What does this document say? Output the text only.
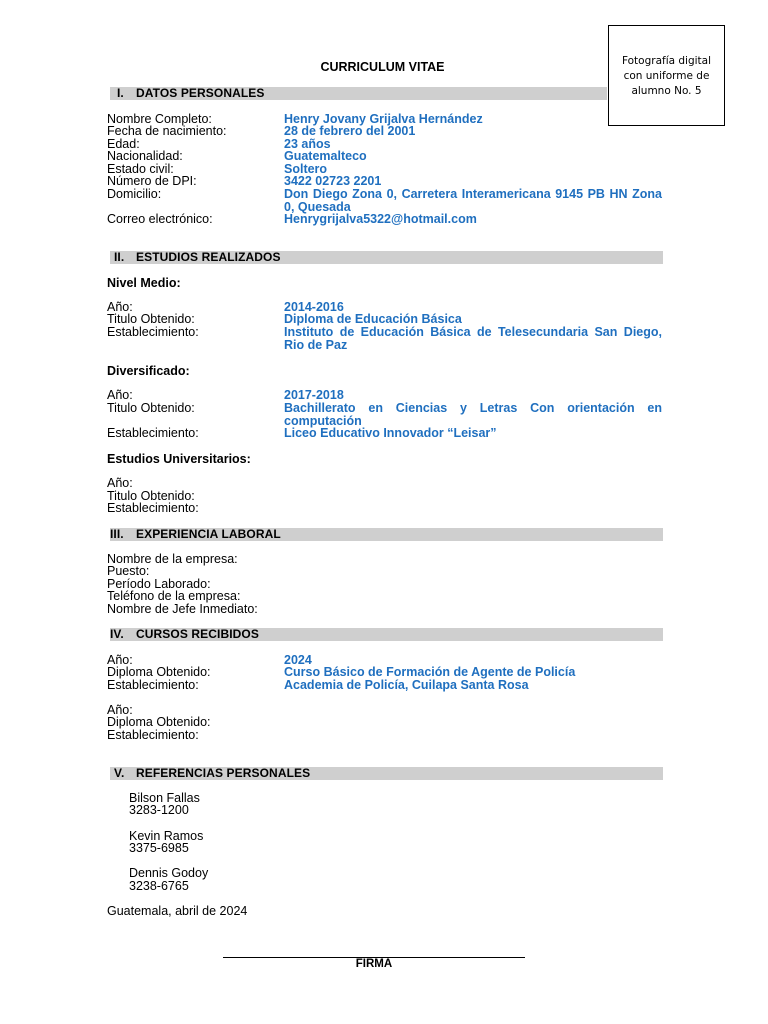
Fotografía digital
con uniforme de
alumno No. 5
CURRICULUM VITAE
I. DATOS PERSONALES
Nombre Completo:	Henry Jovany Grijalva Hernández
Fecha de nacimiento:	28 de febrero del 2001
Edad:	23 años
Nacionalidad:	Guatemalteco
Estado civil:	Soltero
Número de DPI:	3422 02723 2201
Domicilio:	Don Diego Zona 0, Carretera Interamericana 9145 PB HN Zona 0, Quesada
Correo electrónico:	Henrygrijalva5322@hotmail.com
II. ESTUDIOS REALIZADOS
Nivel Medio:
Año:	2014-2016
Titulo Obtenido:	Diploma de Educación Básica
Establecimiento:	Instituto de Educación Básica de Telesecundaria San Diego, Rio de Paz
Diversificado:
Año:	2017-2018
Titulo Obtenido:	Bachillerato en Ciencias y Letras Con orientación en computación
Establecimiento:	Liceo Educativo Innovador “Leisar”
Estudios Universitarios:
Año:
Titulo Obtenido:
Establecimiento:
III. EXPERIENCIA LABORAL
Nombre de la empresa:
Puesto:
Período Laborado:
Teléfono de la empresa:
Nombre de Jefe Inmediato:
IV. CURSOS RECIBIDOS
Año:	2024
Diploma Obtenido:	Curso Básico de Formación de Agente de Policía
Establecimiento:	Academia de Policía, Cuilapa Santa Rosa
Año:
Diploma Obtenido:
Establecimiento:
V. REFERENCIAS PERSONALES
Bilson Fallas
3283-1200
Kevin Ramos
3375-6985
Dennis Godoy
3238-6765
Guatemala, abril de 2024
FIRMA
